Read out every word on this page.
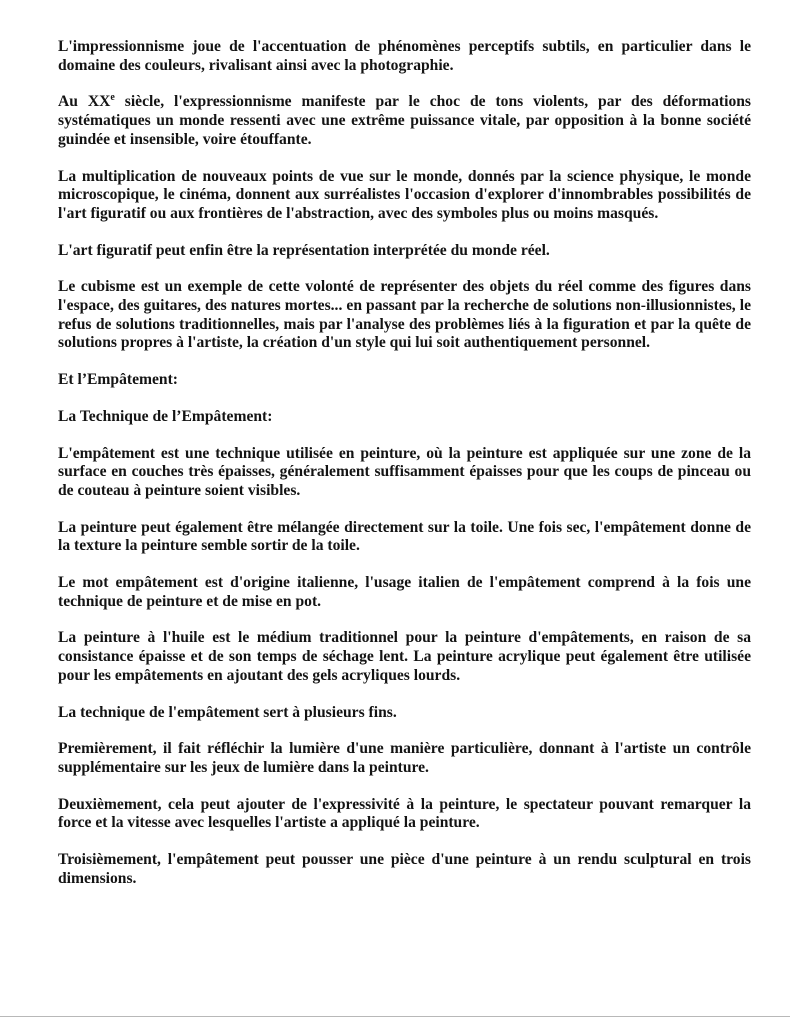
L'impressionnisme joue de l'accentuation de phénomènes perceptifs subtils, en particulier dans le domaine des couleurs, rivalisant ainsi avec la photographie.

Au XXe siècle, l'expressionnisme manifeste par le choc de tons violents, par des déformations systématiques un monde ressenti avec une extrême puissance vitale, par opposition à la bonne société guindée et insensible, voire étouffante.

La multiplication de nouveaux points de vue sur le monde, donnés par la science physique, le monde microscopique, le cinéma, donnent aux surréalistes l'occasion d'explorer d'innombrables possibilités de l'art figuratif ou aux frontières de l'abstraction, avec des symboles plus ou moins masqués.

L'art figuratif peut enfin être la représentation interprétée du monde réel.

Le cubisme est un exemple de cette volonté de représenter des objets du réel comme des figures dans l'espace, des guitares, des natures mortes... en passant par la recherche de solutions non-illusionnistes, le refus de solutions traditionnelles, mais par l'analyse des problèmes liés à la figuration et par la quête de solutions propres à l'artiste, la création d'un style qui lui soit authentiquement personnel.

Et l’Empâtement:

La Technique de l’Empâtement:

L'empâtement est une technique utilisée en peinture, où la peinture est appliquée sur une zone de la surface en couches très épaisses, généralement suffisamment épaisses pour que les coups de pinceau ou de couteau à peinture soient visibles.

La peinture peut également être mélangée directement sur la toile. Une fois sec, l'empâtement donne de la texture la peinture semble sortir de la toile.

Le mot empâtement est d'origine italienne, l'usage italien de l'empâtement comprend à la fois une technique de peinture et de mise en pot.

La peinture à l'huile est le médium traditionnel pour la peinture d'empâtements, en raison de sa consistance épaisse et de son temps de séchage lent. La peinture acrylique peut également être utilisée pour les empâtements en ajoutant des gels acryliques lourds.

La technique de l'empâtement sert à plusieurs fins.

Premièrement, il fait réfléchir la lumière d'une manière particulière, donnant à l'artiste un contrôle supplémentaire sur les jeux de lumière dans la peinture.

Deuxièmement, cela peut ajouter de l'expressivité à la peinture, le spectateur pouvant remarquer la force et la vitesse avec lesquelles l'artiste a appliqué la peinture.

Troisièmement, l'empâtement peut pousser une pièce d'une peinture à un rendu sculptural en trois dimensions.
